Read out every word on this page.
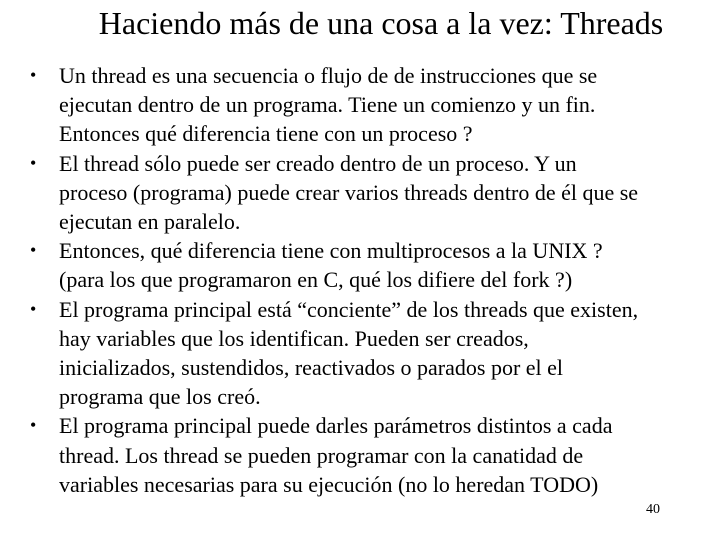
Haciendo más de una cosa a la vez: Threads
•	Un thread es una secuencia o flujo de de instrucciones que se
ejecutan dentro de un programa. Tiene un comienzo y un fin.
Entonces qué diferencia tiene con un proceso ?
•	El thread sólo puede ser creado dentro de un proceso. Y un
proceso (programa) puede crear varios threads dentro de él que se
ejecutan en paralelo.
•	Entonces, qué diferencia tiene con multiprocesos a la UNIX ?
(para los que programaron en C, qué los difiere del fork ?)
•	El programa principal está “conciente” de los threads que existen,
hay variables que los identifican. Pueden ser creados,
inicializados, sustendidos, reactivados o parados por el el
programa que los creó.
•	El programa principal puede darles parámetros distintos a cada
thread. Los thread se pueden programar con la canatidad de
variables necesarias para su ejecución (no lo heredan TODO)
40
